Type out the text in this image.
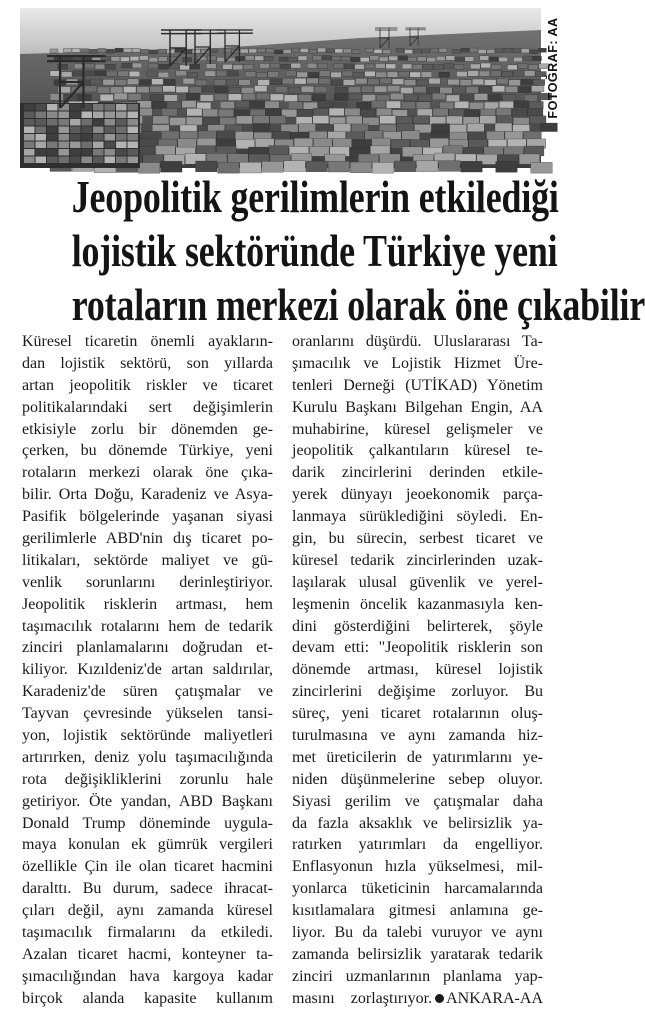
FOTOĞRAF: AA
Jeopolitik gerilimlerin etkilediği
lojistik sektöründe Türkiye yeni
rotaların merkezi olarak öne çıkabilir
Küresel ticaretin önemli ayakların-
dan lojistik sektörü, son yıllarda
artan jeopolitik riskler ve ticaret
politikalarındaki sert değişimlerin
etkisiyle zorlu bir dönemden ge-
çerken, bu dönemde Türkiye, yeni
rotaların merkezi olarak öne çıka-
bilir. Orta Doğu, Karadeniz ve Asya-
Pasifik bölgelerinde yaşanan siyasi
gerilimlerle ABD'nin dış ticaret po-
litikaları, sektörde maliyet ve gü-
venlik sorunlarını derinleştiriyor.
Jeopolitik risklerin artması, hem
taşımacılık rotalarını hem de tedarik
zinciri planlamalarını doğrudan et-
kiliyor. Kızıldeniz'de artan saldırılar,
Karadeniz'de süren çatışmalar ve
Tayvan çevresinde yükselen tansi-
yon, lojistik sektöründe maliyetleri
artırırken, deniz yolu taşımacılığında
rota değişikliklerini zorunlu hale
getiriyor. Öte yandan, ABD Başkanı
Donald Trump döneminde uygula-
maya konulan ek gümrük vergileri
özellikle Çin ile olan ticaret hacmini
daralttı. Bu durum, sadece ihracat-
çıları değil, aynı zamanda küresel
taşımacılık firmalarını da etkiledi.
Azalan ticaret hacmi, konteyner ta-
şımacılığından hava kargoya kadar
birçok alanda kapasite kullanım
oranlarını düşürdü. Uluslararası Ta-
şımacılık ve Lojistik Hizmet Üre-
tenleri Derneği (UTİKAD) Yönetim
Kurulu Başkanı Bilgehan Engin, AA
muhabirine, küresel gelişmeler ve
jeopolitik çalkantıların küresel te-
darik zincirlerini derinden etkile-
yerek dünyayı jeoekonomik parça-
lanmaya sürüklediğini söyledi. En-
gin, bu sürecin, serbest ticaret ve
küresel tedarik zincirlerinden uzak-
laşılarak ulusal güvenlik ve yerel-
leşmenin öncelik kazanmasıyla ken-
dini gösterdiğini belirterek, şöyle
devam etti: "Jeopolitik risklerin son
dönemde artması, küresel lojistik
zincirlerini değişime zorluyor. Bu
süreç, yeni ticaret rotalarının oluş-
turulmasına ve aynı zamanda hiz-
met üreticilerin de yatırımlarını ye-
niden düşünmelerine sebep oluyor.
Siyasi gerilim ve çatışmalar daha
da fazla aksaklık ve belirsizlik ya-
ratırken yatırımları da engelliyor.
Enflasyonun hızla yükselmesi, mil-
yonlarca tüketicinin harcamalarında
kısıtlamalara gitmesi anlamına ge-
liyor. Bu da talebi vuruyor ve aynı
zamanda belirsizlik yaratarak tedarik
zinciri uzmanlarının planlama yap-
masını zorlaştırıyor. ANKARA-AA
